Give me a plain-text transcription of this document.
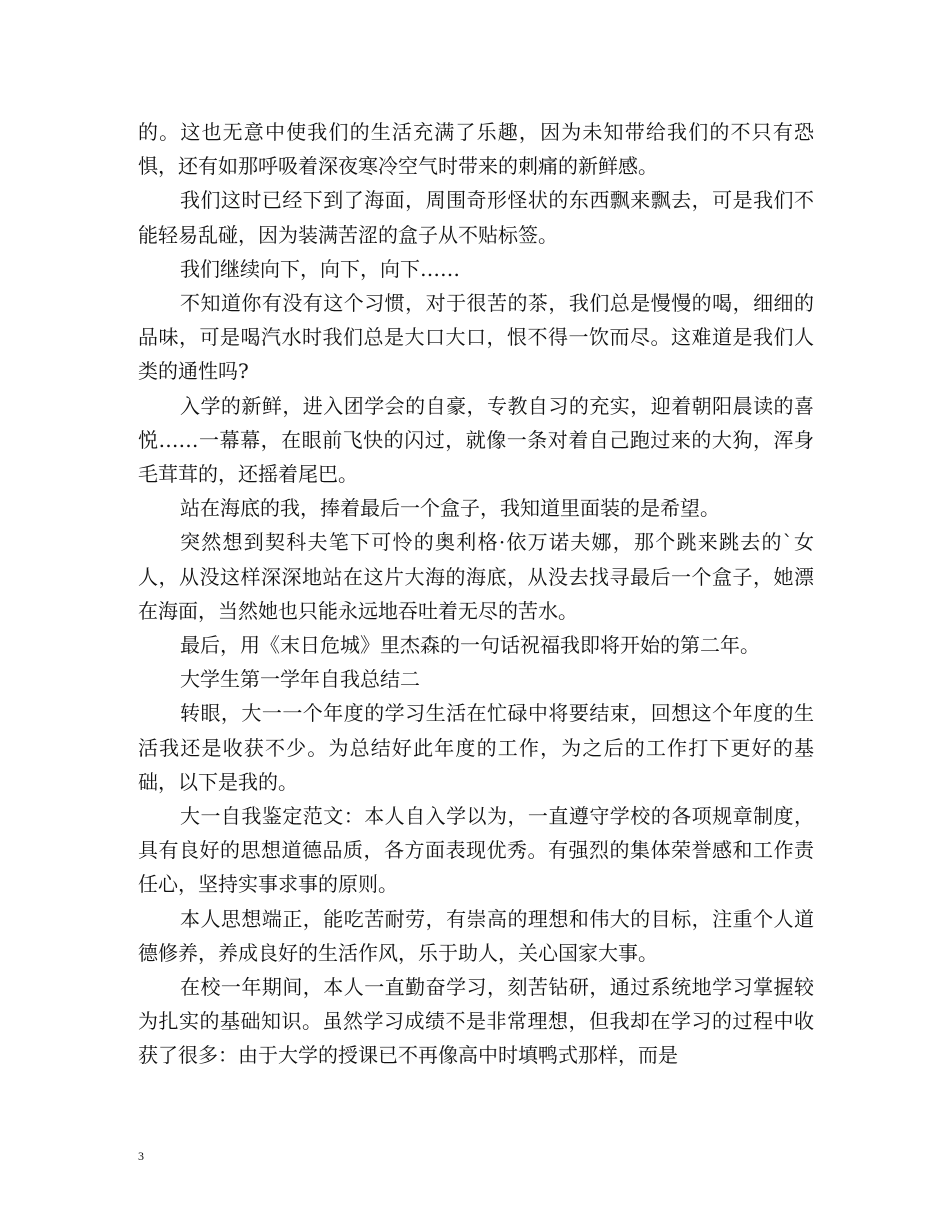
的。这也无意中使我们的生活充满了乐趣，因为未知带给我们的不只有恐惧，还有如那呼吸着深夜寒冷空气时带来的刺痛的新鲜感。

我们这时已经下到了海面，周围奇形怪状的东西飘来飘去，可是我们不能轻易乱碰，因为装满苦涩的盒子从不贴标签。

我们继续向下，向下，向下……

不知道你有没有这个习惯，对于很苦的茶，我们总是慢慢的喝，细细的品味，可是喝汽水时我们总是大口大口，恨不得一饮而尽。这难道是我们人类的通性吗?

入学的新鲜，进入团学会的自豪，专教自习的充实，迎着朝阳晨读的喜悦……一幕幕，在眼前飞快的闪过，就像一条对着自己跑过来的大狗，浑身毛茸茸的，还摇着尾巴。

站在海底的我，捧着最后一个盒子，我知道里面装的是希望。

突然想到契科夫笔下可怜的奥利格·依万诺夫娜，那个跳来跳去的`女人，从没这样深深地站在这片大海的海底，从没去找寻最后一个盒子，她漂在海面，当然她也只能永远地吞吐着无尽的苦水。

最后，用《末日危城》里杰森的一句话祝福我即将开始的第二年。

大学生第一学年自我总结二

转眼，大一一个年度的学习生活在忙碌中将要结束，回想这个年度的生活我还是收获不少。为总结好此年度的工作，为之后的工作打下更好的基础，以下是我的。

大一自我鉴定范文：本人自入学以为，一直遵守学校的各项规章制度，具有良好的思想道德品质，各方面表现优秀。有强烈的集体荣誉感和工作责任心，坚持实事求事的原则。

本人思想端正，能吃苦耐劳，有崇高的理想和伟大的目标，注重个人道德修养，养成良好的生活作风，乐于助人，关心国家大事。

在校一年期间，本人一直勤奋学习，刻苦钻研，通过系统地学习掌握较为扎实的基础知识。虽然学习成绩不是非常理想，但我却在学习的过程中收获了很多：由于大学的授课已不再像高中时填鸭式那样，而是

3
